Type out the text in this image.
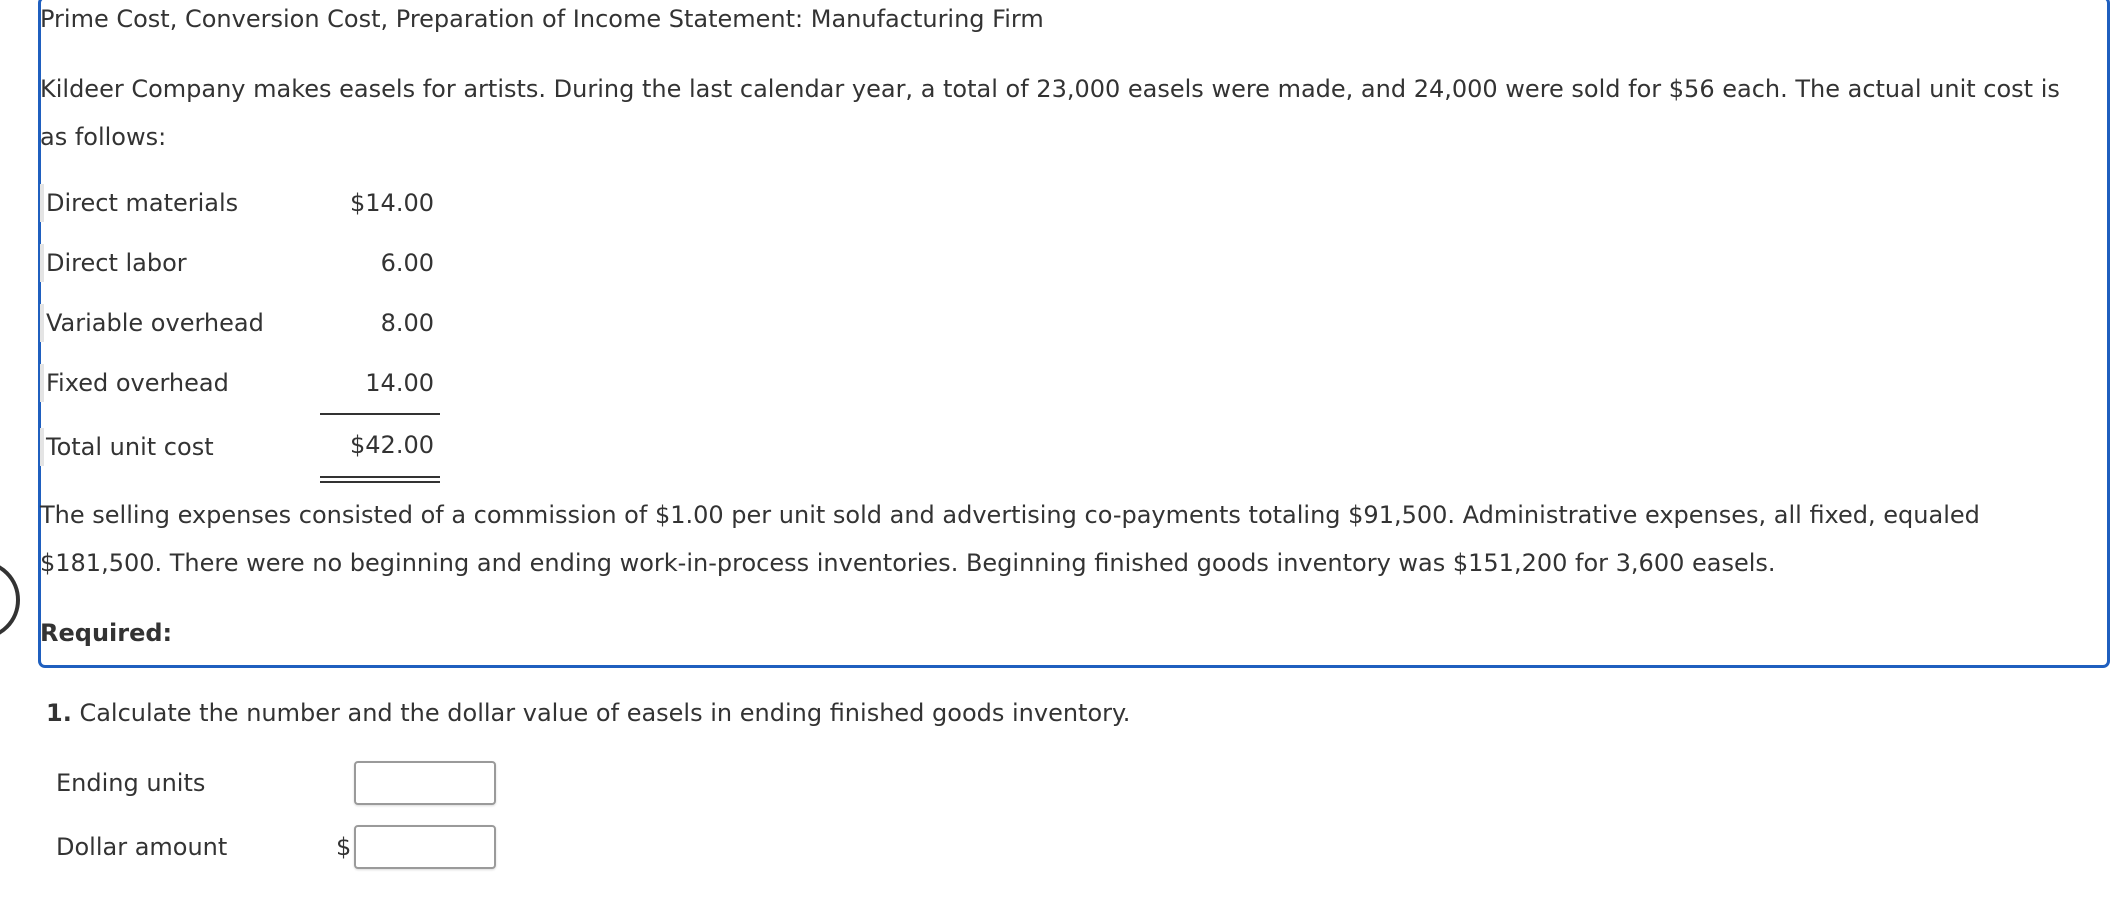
Prime Cost, Conversion Cost, Preparation of Income Statement: Manufacturing Firm
Kildeer Company makes easels for artists. During the last calendar year, a total of 23,000 easels were made, and 24,000 were sold for $56 each. The actual unit cost is
as follows:
Direct materials	$14.00
Direct labor	6.00
Variable overhead	8.00
Fixed overhead	14.00
Total unit cost	$42.00
The selling expenses consisted of a commission of $1.00 per unit sold and advertising co-payments totaling $91,500. Administrative expenses, all fixed, equaled
$181,500. There were no beginning and ending work-in-process inventories. Beginning finished goods inventory was $151,200 for 3,600 easels.
Required:
1. Calculate the number and the dollar value of easels in ending finished goods inventory.
Ending units
Dollar amount	$
